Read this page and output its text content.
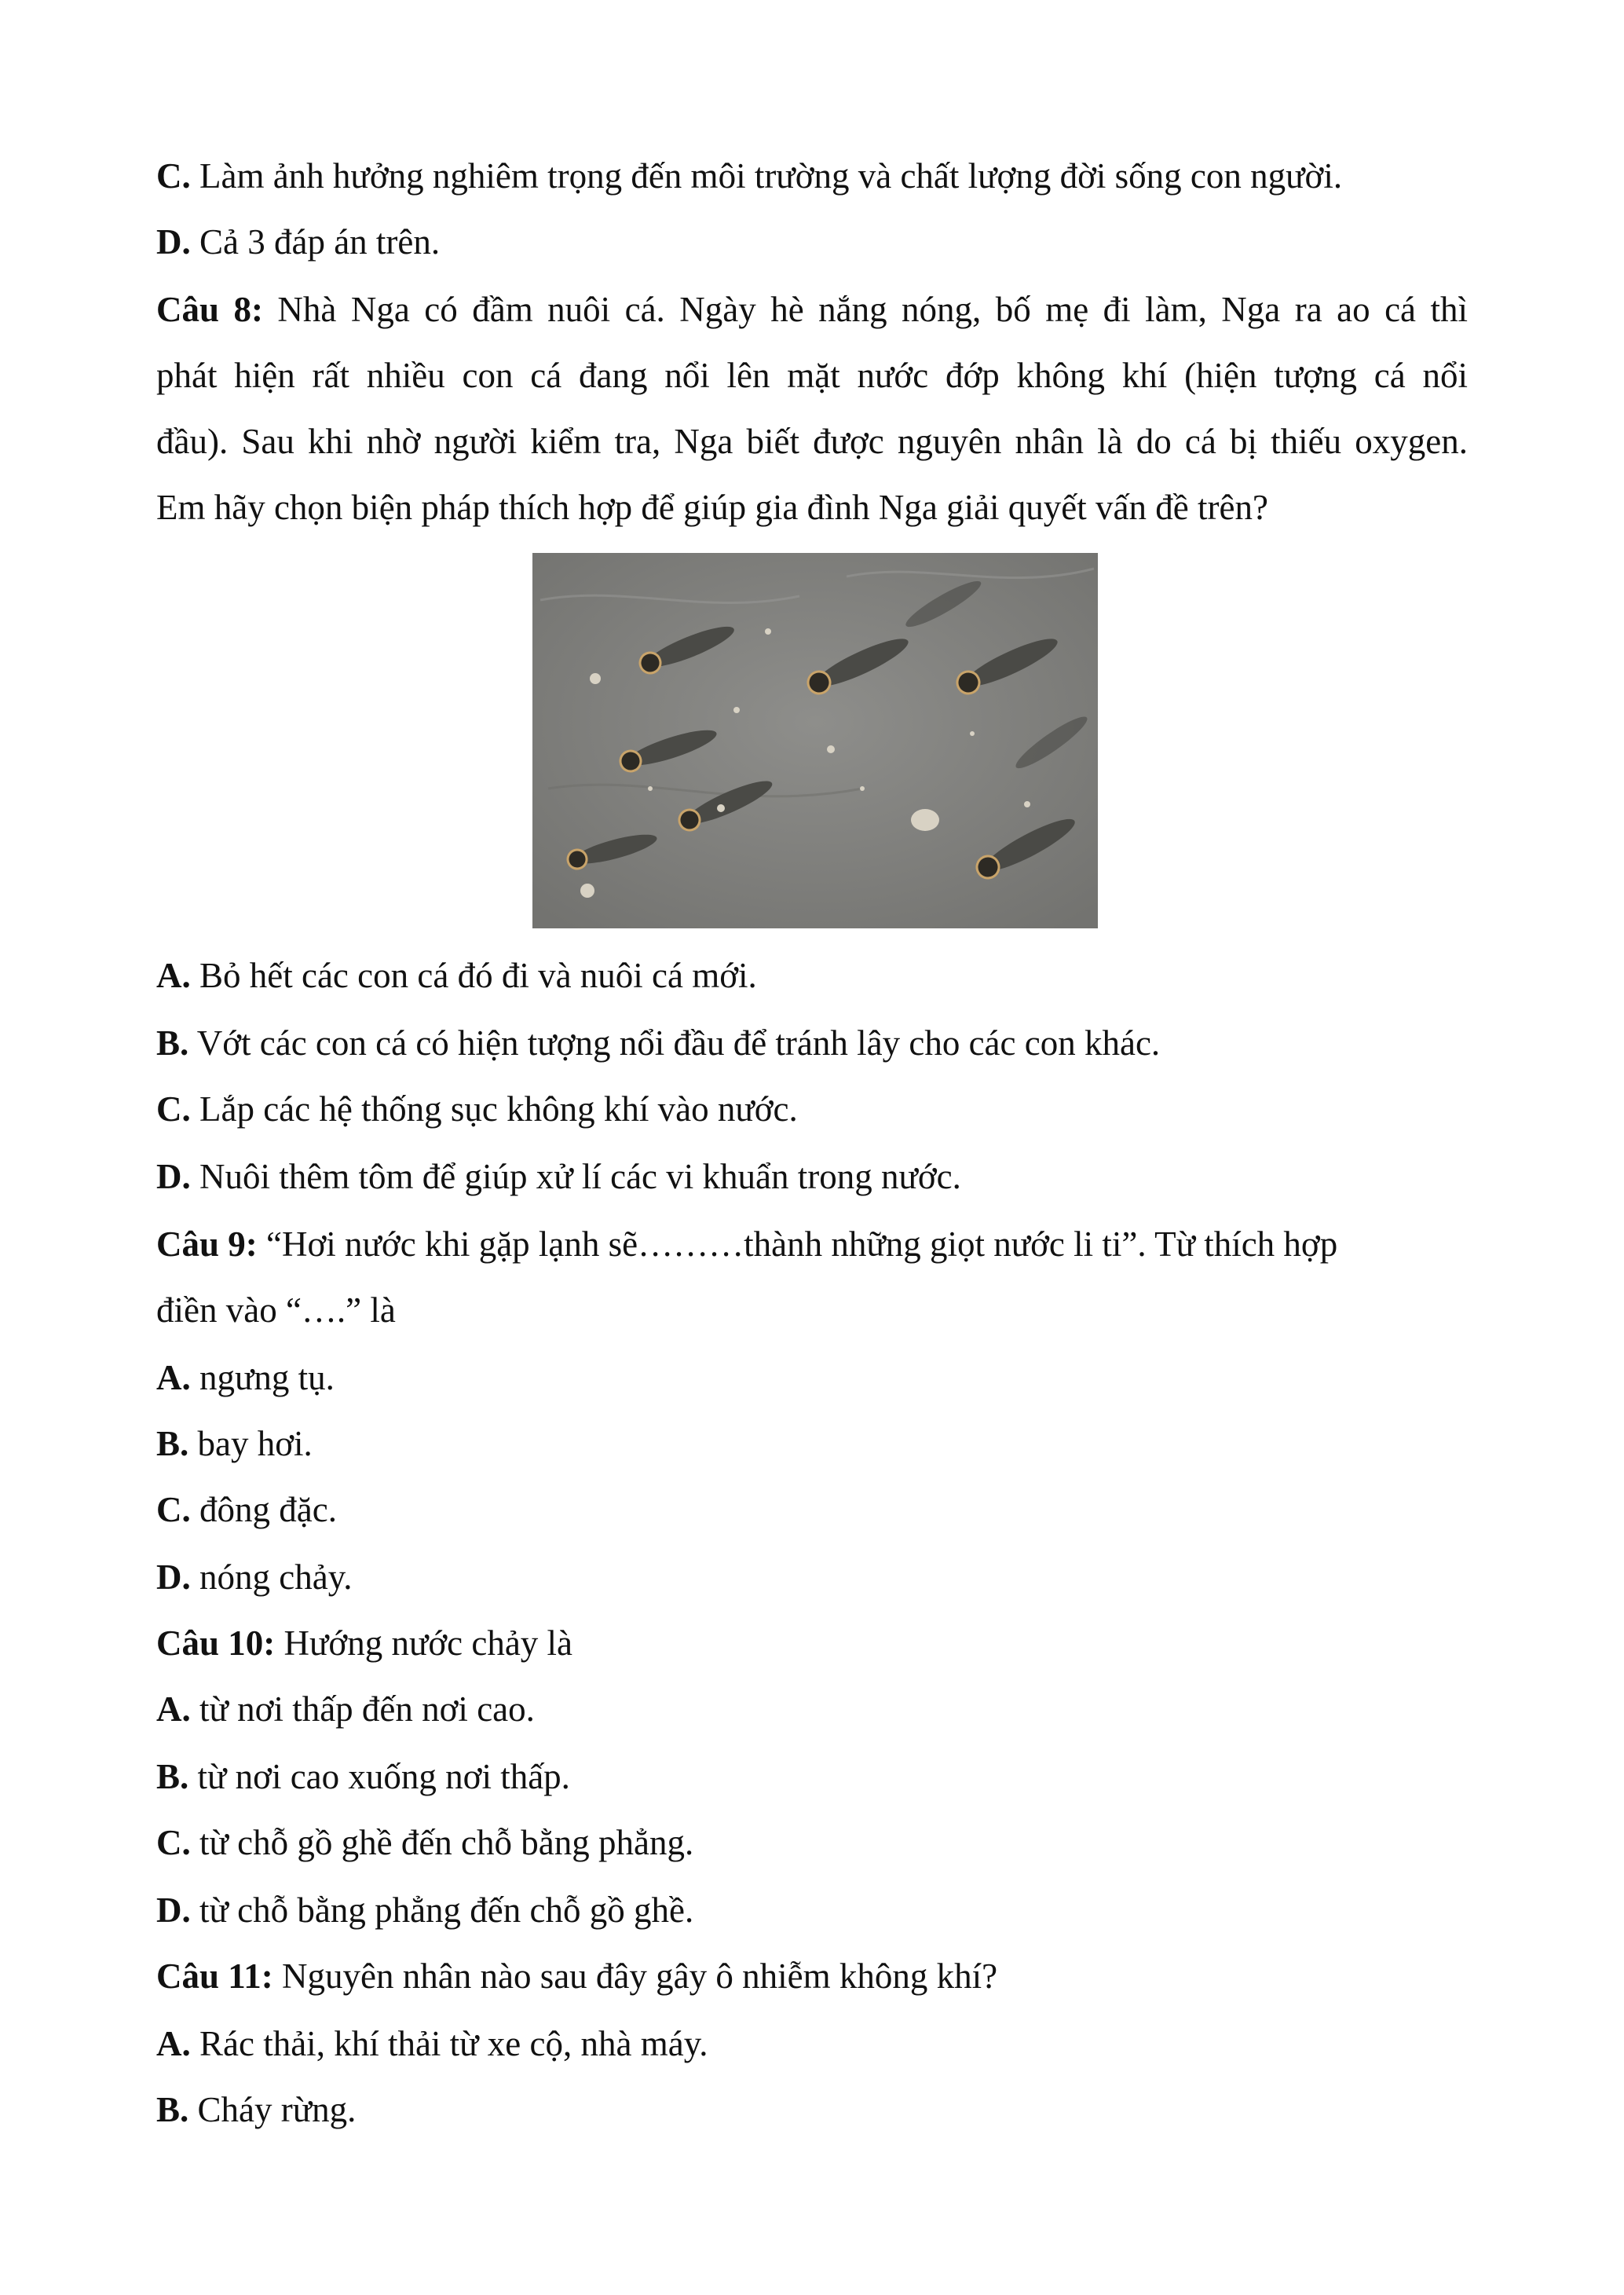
C. Làm ảnh hưởng nghiêm trọng đến môi trường và chất lượng đời sống con người.
D. Cả 3 đáp án trên.
Câu 8: Nhà Nga có đầm nuôi cá. Ngày hè nắng nóng, bố mẹ đi làm, Nga ra ao cá thì
phát hiện rất nhiều con cá đang nổi lên mặt nước đớp không khí (hiện tượng cá nổi
đầu). Sau khi nhờ người kiểm tra, Nga biết được nguyên nhân là do cá bị thiếu oxygen.
Em hãy chọn biện pháp thích hợp để giúp gia đình Nga giải quyết vấn đề trên?
A. Bỏ hết các con cá đó đi và nuôi cá mới.
B. Vớt các con cá có hiện tượng nổi đầu để tránh lây cho các con khác.
C. Lắp các hệ thống sục không khí vào nước.
D. Nuôi thêm tôm để giúp xử lí các vi khuẩn trong nước.
Câu 9: “Hơi nước khi gặp lạnh sẽ………thành những giọt nước li ti”. Từ thích hợp
điền vào “….” là
A. ngưng tụ.
B. bay hơi.
C. đông đặc.
D. nóng chảy.
Câu 10: Hướng nước chảy là
A. từ nơi thấp đến nơi cao.
B. từ nơi cao xuống nơi thấp.
C. từ chỗ gồ ghề đến chỗ bằng phẳng.
D. từ chỗ bằng phẳng đến chỗ gồ ghề.
Câu 11: Nguyên nhân nào sau đây gây ô nhiễm không khí?
A. Rác thải, khí thải từ xe cộ, nhà máy.
B. Cháy rừng.
